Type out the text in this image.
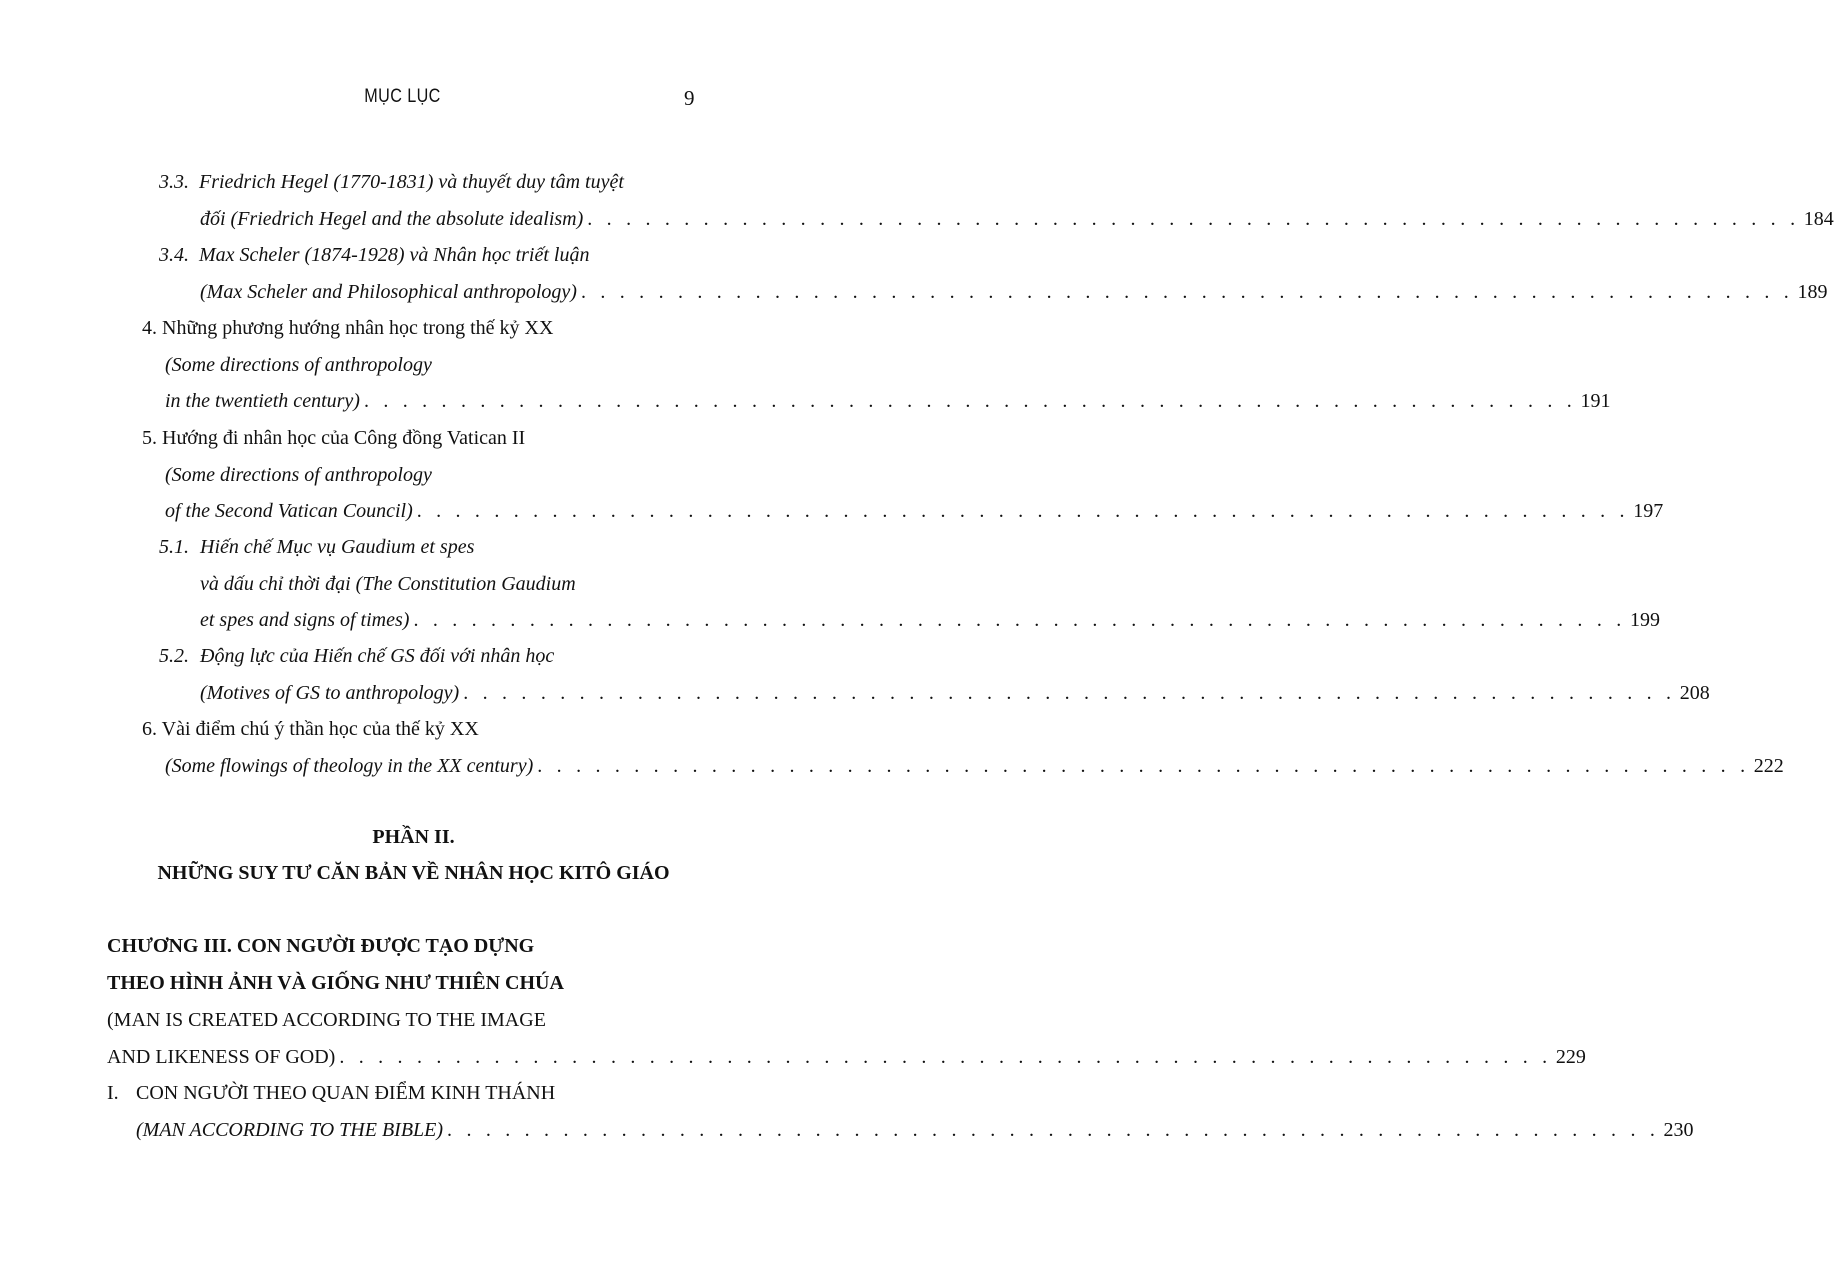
MỤC LỤC	9
3.3. Friedrich Hegel (1770-1831) và thuyết duy tâm tuyệt
đối (Friedrich Hegel and the absolute idealism) . . . . . . . . . . . . . . . . . . . . . . . . . . . . . . . . . . . . . . . . . . . . . . . . . . . . . . . . . . . . . . . 184
3.4. Max Scheler (1874-1928) và Nhân học triết luận
(Max Scheler and Philosophical anthropology) . . . . . . . . . . . . . . . . . . . . . . . . . . . . . . . . . . . . . . . . . . . . . . . . . . . . . . . . . . . . . . . 189
4. Những phương hướng nhân học trong thế kỷ XX
(Some directions of anthropology
in the twentieth century) . . . . . . . . . . . . . . . . . . . . . . . . . . . . . . . . . . . . . . . . . . . . . . . . . . . . . . . . . . . . . . . 191
5. Hướng đi nhân học của Công đồng Vatican II
(Some directions of anthropology
of the Second Vatican Council) . . . . . . . . . . . . . . . . . . . . . . . . . . . . . . . . . . . . . . . . . . . . . . . . . . . . . . . . . . . . . . . 197
5.1. Hiến chế Mục vụ Gaudium et spes
và dấu chỉ thời đại (The Constitution Gaudium
et spes and signs of times) . . . . . . . . . . . . . . . . . . . . . . . . . . . . . . . . . . . . . . . . . . . . . . . . . . . . . . . . . . . . . . . 199
5.2. Động lực của Hiến chế GS đối với nhân học
(Motives of GS to anthropology) . . . . . . . . . . . . . . . . . . . . . . . . . . . . . . . . . . . . . . . . . . . . . . . . . . . . . . . . . . . . . . . 208
6. Vài điểm chú ý thần học của thế kỷ XX
(Some flowings of theology in the XX century) . . . . . . . . . . . . . . . . . . . . . . . . . . . . . . . . . . . . . . . . . . . . . . . . . . . . . . . . . . . . . . . 222
PHẦN II.
NHỮNG SUY TƯ CĂN BẢN VỀ NHÂN HỌC KITÔ GIÁO
CHƯƠNG III. CON NGƯỜI ĐƯỢC TẠO DỰNG
THEO HÌNH ẢNH VÀ GIỐNG NHƯ THIÊN CHÚA
(MAN IS CREATED ACCORDING TO THE IMAGE
AND LIKENESS OF GOD) . . . . . . . . . . . . . . . . . . . . . . . . . . . . . . . . . . . . . . . . . . . . . . . . . . . . . . . . . . . . . . . 229
I. CON NGƯỜI THEO QUAN ĐIỂM KINH THÁNH
(MAN ACCORDING TO THE BIBLE) . . . . . . . . . . . . . . . . . . . . . . . . . . . . . . . . . . . . . . . . . . . . . . . . . . . . . . . . . . . . . . . 230
